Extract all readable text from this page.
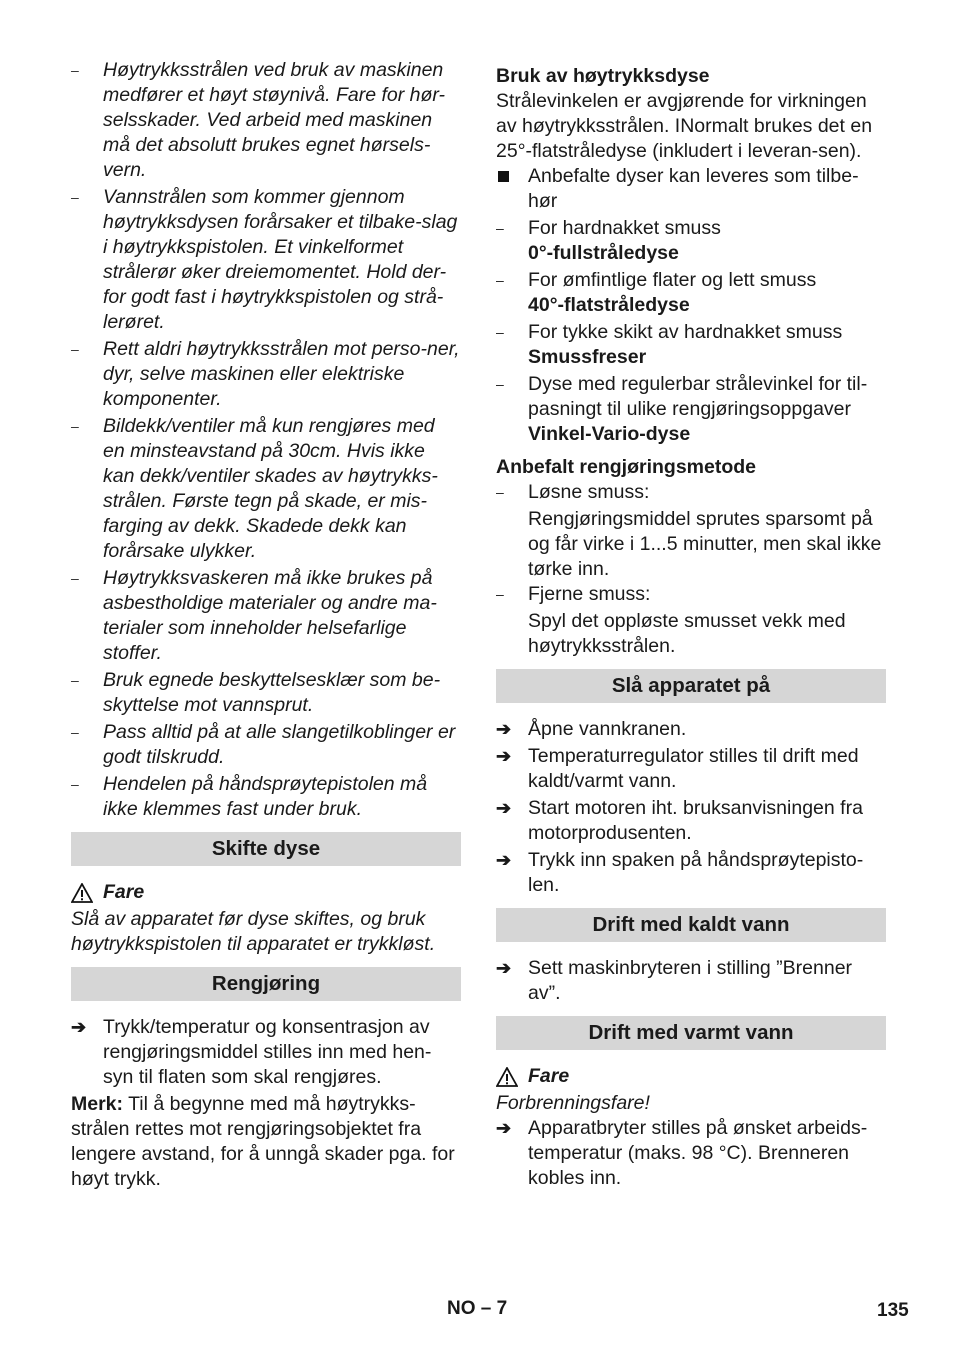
– Høytrykksstrålen ved bruk av maskinen medfører et høyt støynivå. Fare for hør-selsskader. Ved arbeid med maskinen må det absolutt brukes egnet hørsels-vern.
– Vannstrålen som kommer gjennom høytrykksdysen forårsaker et tilbake-slag i høytrykkspistolen. Et vinkelformet strålerør øker dreiemomentet. Hold der-for godt fast i høytrykkspistolen og strå-lerøret.
– Rett aldri høytrykksstrålen mot perso-ner, dyr, selve maskinen eller elektriske komponenter.
– Bildekk/ventiler må kun rengjøres med en minsteavstand på 30cm. Hvis ikke kan dekk/ventiler skades av høytrykks-strålen. Første tegn på skade, er mis-farging av dekk. Skadede dekk kan forårsake ulykker.
– Høytrykksvaskeren må ikke brukes på asbestholdige materialer og andre ma-terialer som inneholder helsefarlige stoffer.
– Bruk egnede beskyttelsesklær som be-skyttelse mot vannsprut.
– Pass alltid på at alle slangetilkoblinger er godt tilskrudd.
– Hendelen på håndsprøytepistolen må ikke klemmes fast under bruk.
Skifte dyse
Fare

Slå av apparatet før dyse skiftes, og bruk høytrykkspistolen til apparatet er trykkløst.

Rengjøring
➔ Trykk/temperatur og konsentrasjon av rengjøringsmiddel stilles inn med hen-syn til flaten som skal rengjøres.

Merk: Til å begynne med må høytrykks-strålen rettes mot rengjøringsobjektet fra lengere avstand, for å unngå skader pga. for høyt trykk.

Bruk av høytrykksdyse

Strålevinkelen er avgjørende for virkningen av høytrykksstrålen. INormalt brukes det en 25°-flatstråledyse (inkludert i leveran-sen).

Anbefalte dyser kan leveres som tilbe-hør
– For hardnakket smuss
0°-fullstråledyse
– For ømfintlige flater og lett smuss
40°-flatstråledyse
– For tykke skikt av hardnakket smuss
Smussfreser
– Dyse med regulerbar strålevinkel for til-pasningt til ulike rengjøringsoppgaver
Vinkel-Vario-dyse

Anbefalt rengjøringsmetode

– Løsne smuss:

Rengjøringsmiddel sprutes sparsomt på og får virke i 1...5 minutter, men skal ikke tørke inn.

– Fjerne smuss:

Spyl det oppløste smusset vekk med høytrykksstrålen.

Slå apparatet på
➔ Åpne vannkranen.
➔ Temperaturregulator stilles til drift med kaldt/varmt vann.
➔ Start motoren iht. bruksanvisningen fra motorprodusenten.
➔ Trykk inn spaken på håndsprøytepisto-len.
Drift med kaldt vann
➔ Sett maskinbryteren i stilling ”Brenner av”.
Drift med varmt vann
Fare

Forbrenningsfare!

➔ Apparatbryter stilles på ønsket arbeids-temperatur (maks. 98 °C). Brenneren kobles inn.
NO – 7	135
